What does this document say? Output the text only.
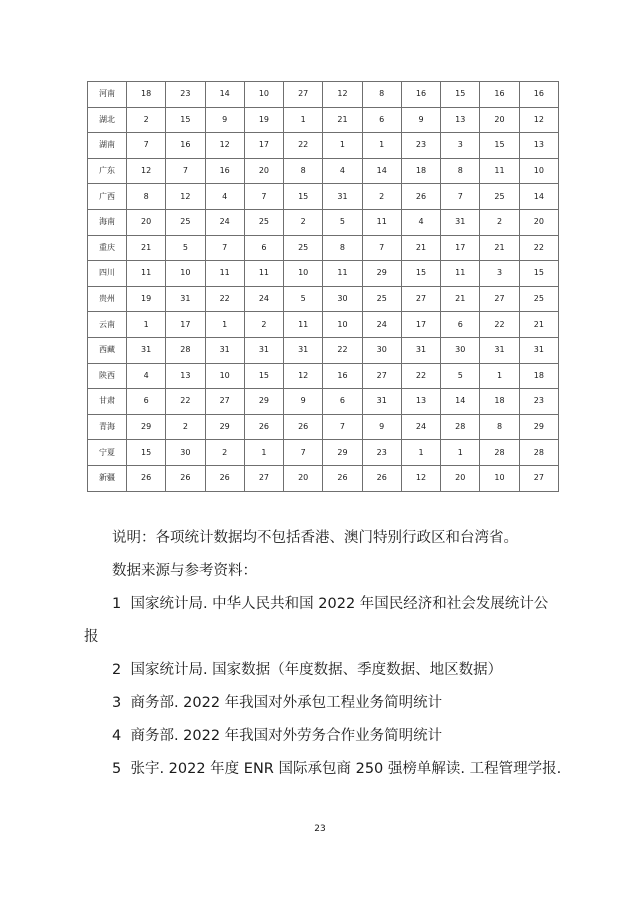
河南	18	23	14	10	27	12	8	16	15	16	16
湖北	2	15	9	19	1	21	6	9	13	20	12
湖南	7	16	12	17	22	1	1	23	3	15	13
广东	12	7	16	20	8	4	14	18	8	11	10
广西	8	12	4	7	15	31	2	26	7	25	14
海南	20	25	24	25	2	5	11	4	31	2	20
重庆	21	5	7	6	25	8	7	21	17	21	22
四川	11	10	11	11	10	11	29	15	11	3	15
贵州	19	31	22	24	5	30	25	27	21	27	25
云南	1	17	1	2	11	10	24	17	6	22	21
西藏	31	28	31	31	31	22	30	31	30	31	31
陕西	4	13	10	15	12	16	27	22	5	1	18
甘肃	6	22	27	29	9	6	31	13	14	18	23
青海	29	2	29	26	26	7	9	24	28	8	29
宁夏	15	30	2	1	7	29	23	1	1	28	28
新疆	26	26	26	27	20	26	26	12	20	10	27

说明：各项统计数据均不包括香港、澳门特别行政区和台湾省。

数据来源与参考资料：

1 国家统计局. 中华人民共和国 2022 年国民经济和社会发展统计公

报

2 国家统计局. 国家数据（年度数据、季度数据、地区数据）

3 商务部. 2022 年我国对外承包工程业务简明统计

4 商务部. 2022 年我国对外劳务合作业务简明统计

5 张宇. 2022 年度 ENR 国际承包商 250 强榜单解读. 工程管理学报.

23
